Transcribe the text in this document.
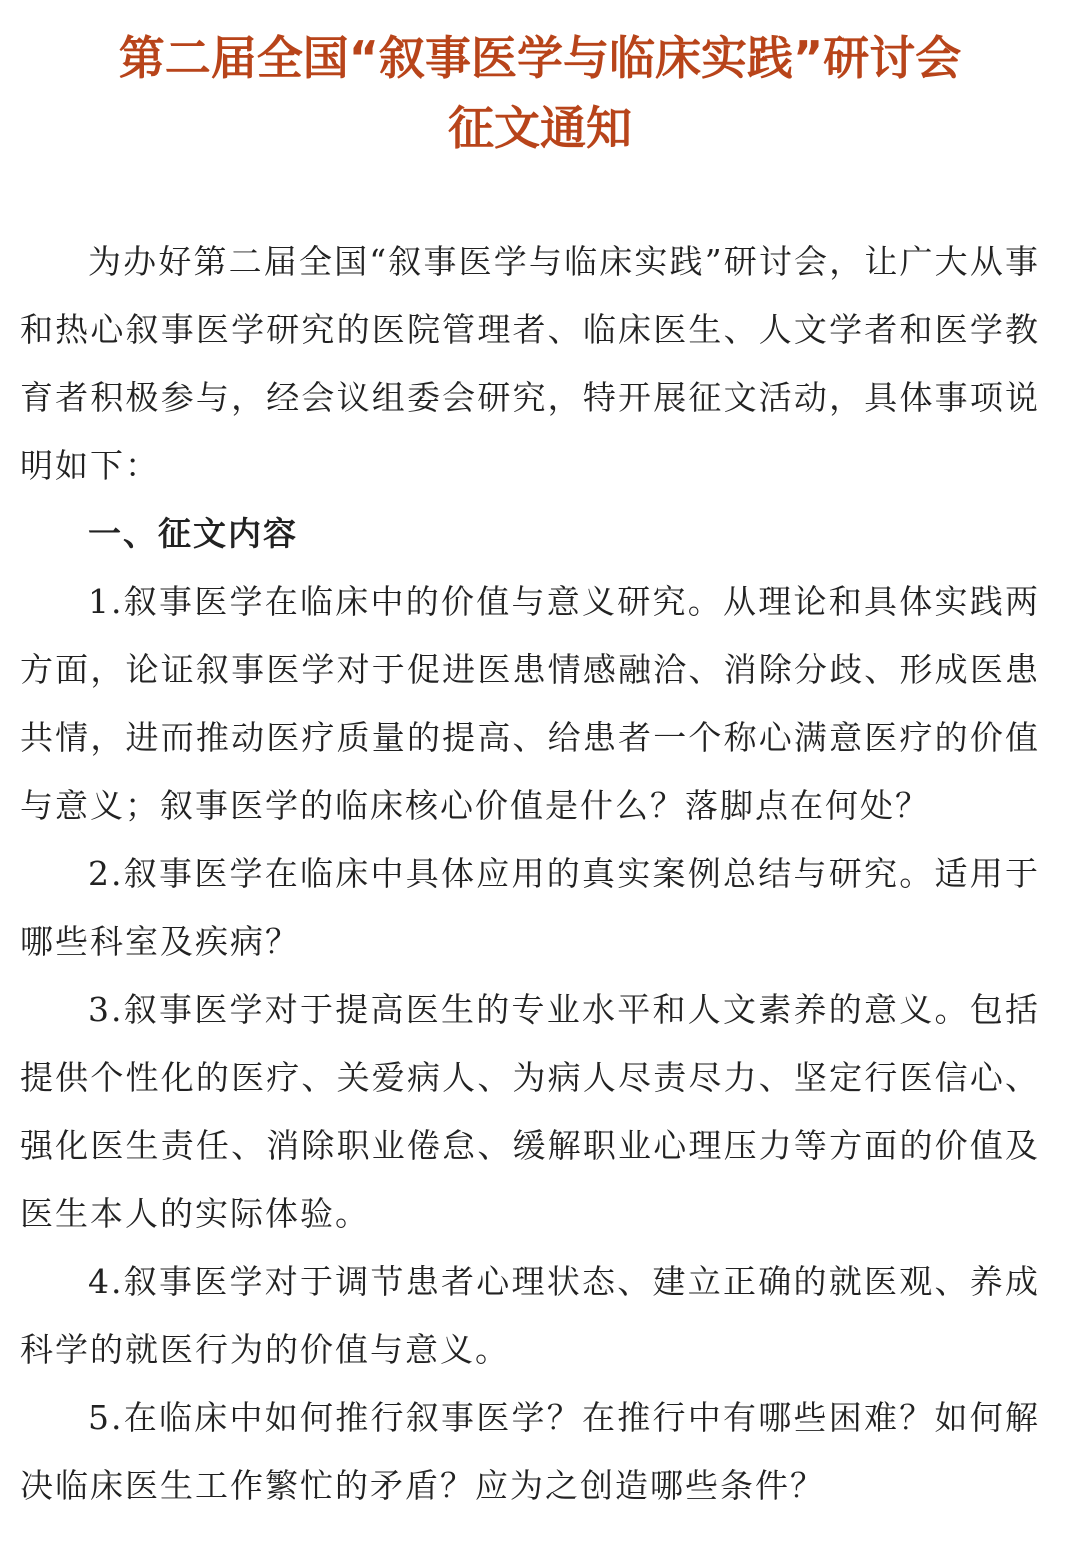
第二届全国“叙事医学与临床实践”研讨会
征文通知

为办好第二届全国“叙事医学与临床实践”研讨会，让广大从事和热心叙事医学研究的医院管理者、临床医生、人文学者和医学教育者积极参与，经会议组委会研究，特开展征文活动，具体事项说明如下：

一、征文内容

1.叙事医学在临床中的价值与意义研究。从理论和具体实践两方面，论证叙事医学对于促进医患情感融洽、消除分歧、形成医患共情，进而推动医疗质量的提高、给患者一个称心满意医疗的价值与意义；叙事医学的临床核心价值是什么？落脚点在何处？

2.叙事医学在临床中具体应用的真实案例总结与研究。适用于哪些科室及疾病？

3.叙事医学对于提高医生的专业水平和人文素养的意义。包括提供个性化的医疗、关爱病人、为病人尽责尽力、坚定行医信心、强化医生责任、消除职业倦怠、缓解职业心理压力等方面的价值及医生本人的实际体验。

4.叙事医学对于调节患者心理状态、建立正确的就医观、养成科学的就医行为的价值与意义。

5.在临床中如何推行叙事医学？在推行中有哪些困难？如何解决临床医生工作繁忙的矛盾？应为之创造哪些条件？
